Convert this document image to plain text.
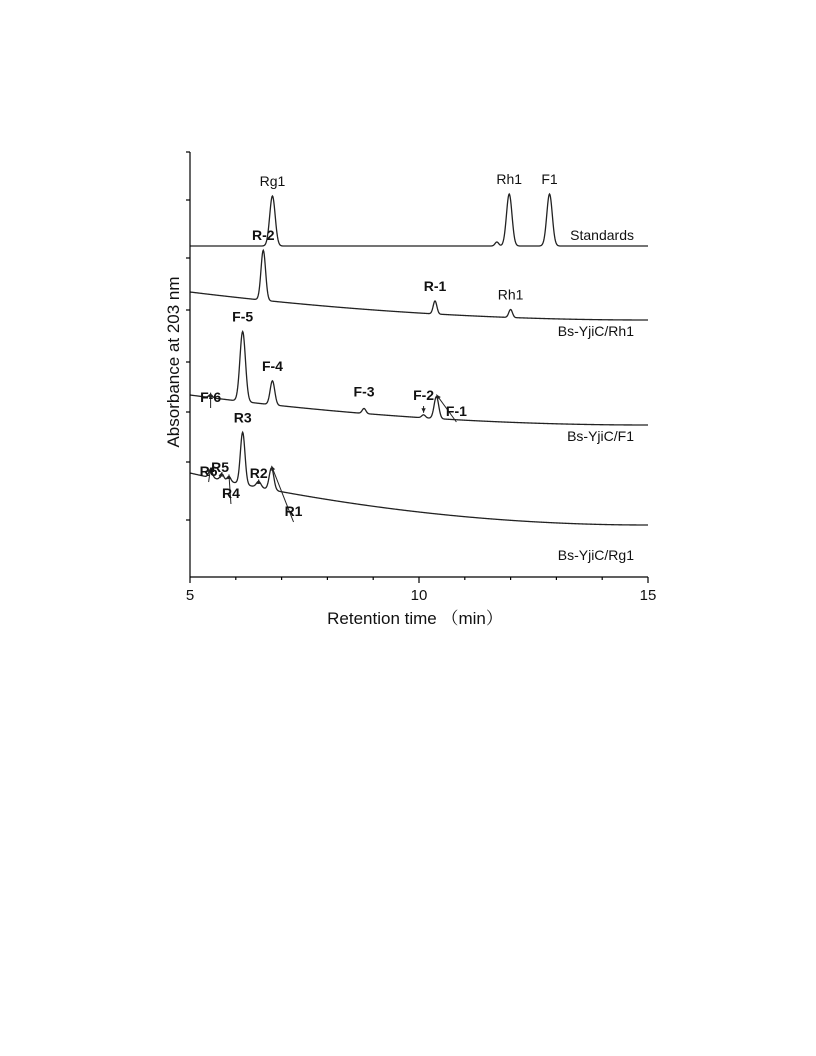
Standards
Rg1	Rh1 F1
Bs-YjiC/Rh1
R-2
R-1
Rh1
Bs-YjiC/F1
F-6
F-5
F-4
F-3	F-2
F-1
Bs-YjiC/Rg1
R6
R5
R4
R3
R2
R1
5	10	15
Retention time （min）
Absorbance at 203 nm
